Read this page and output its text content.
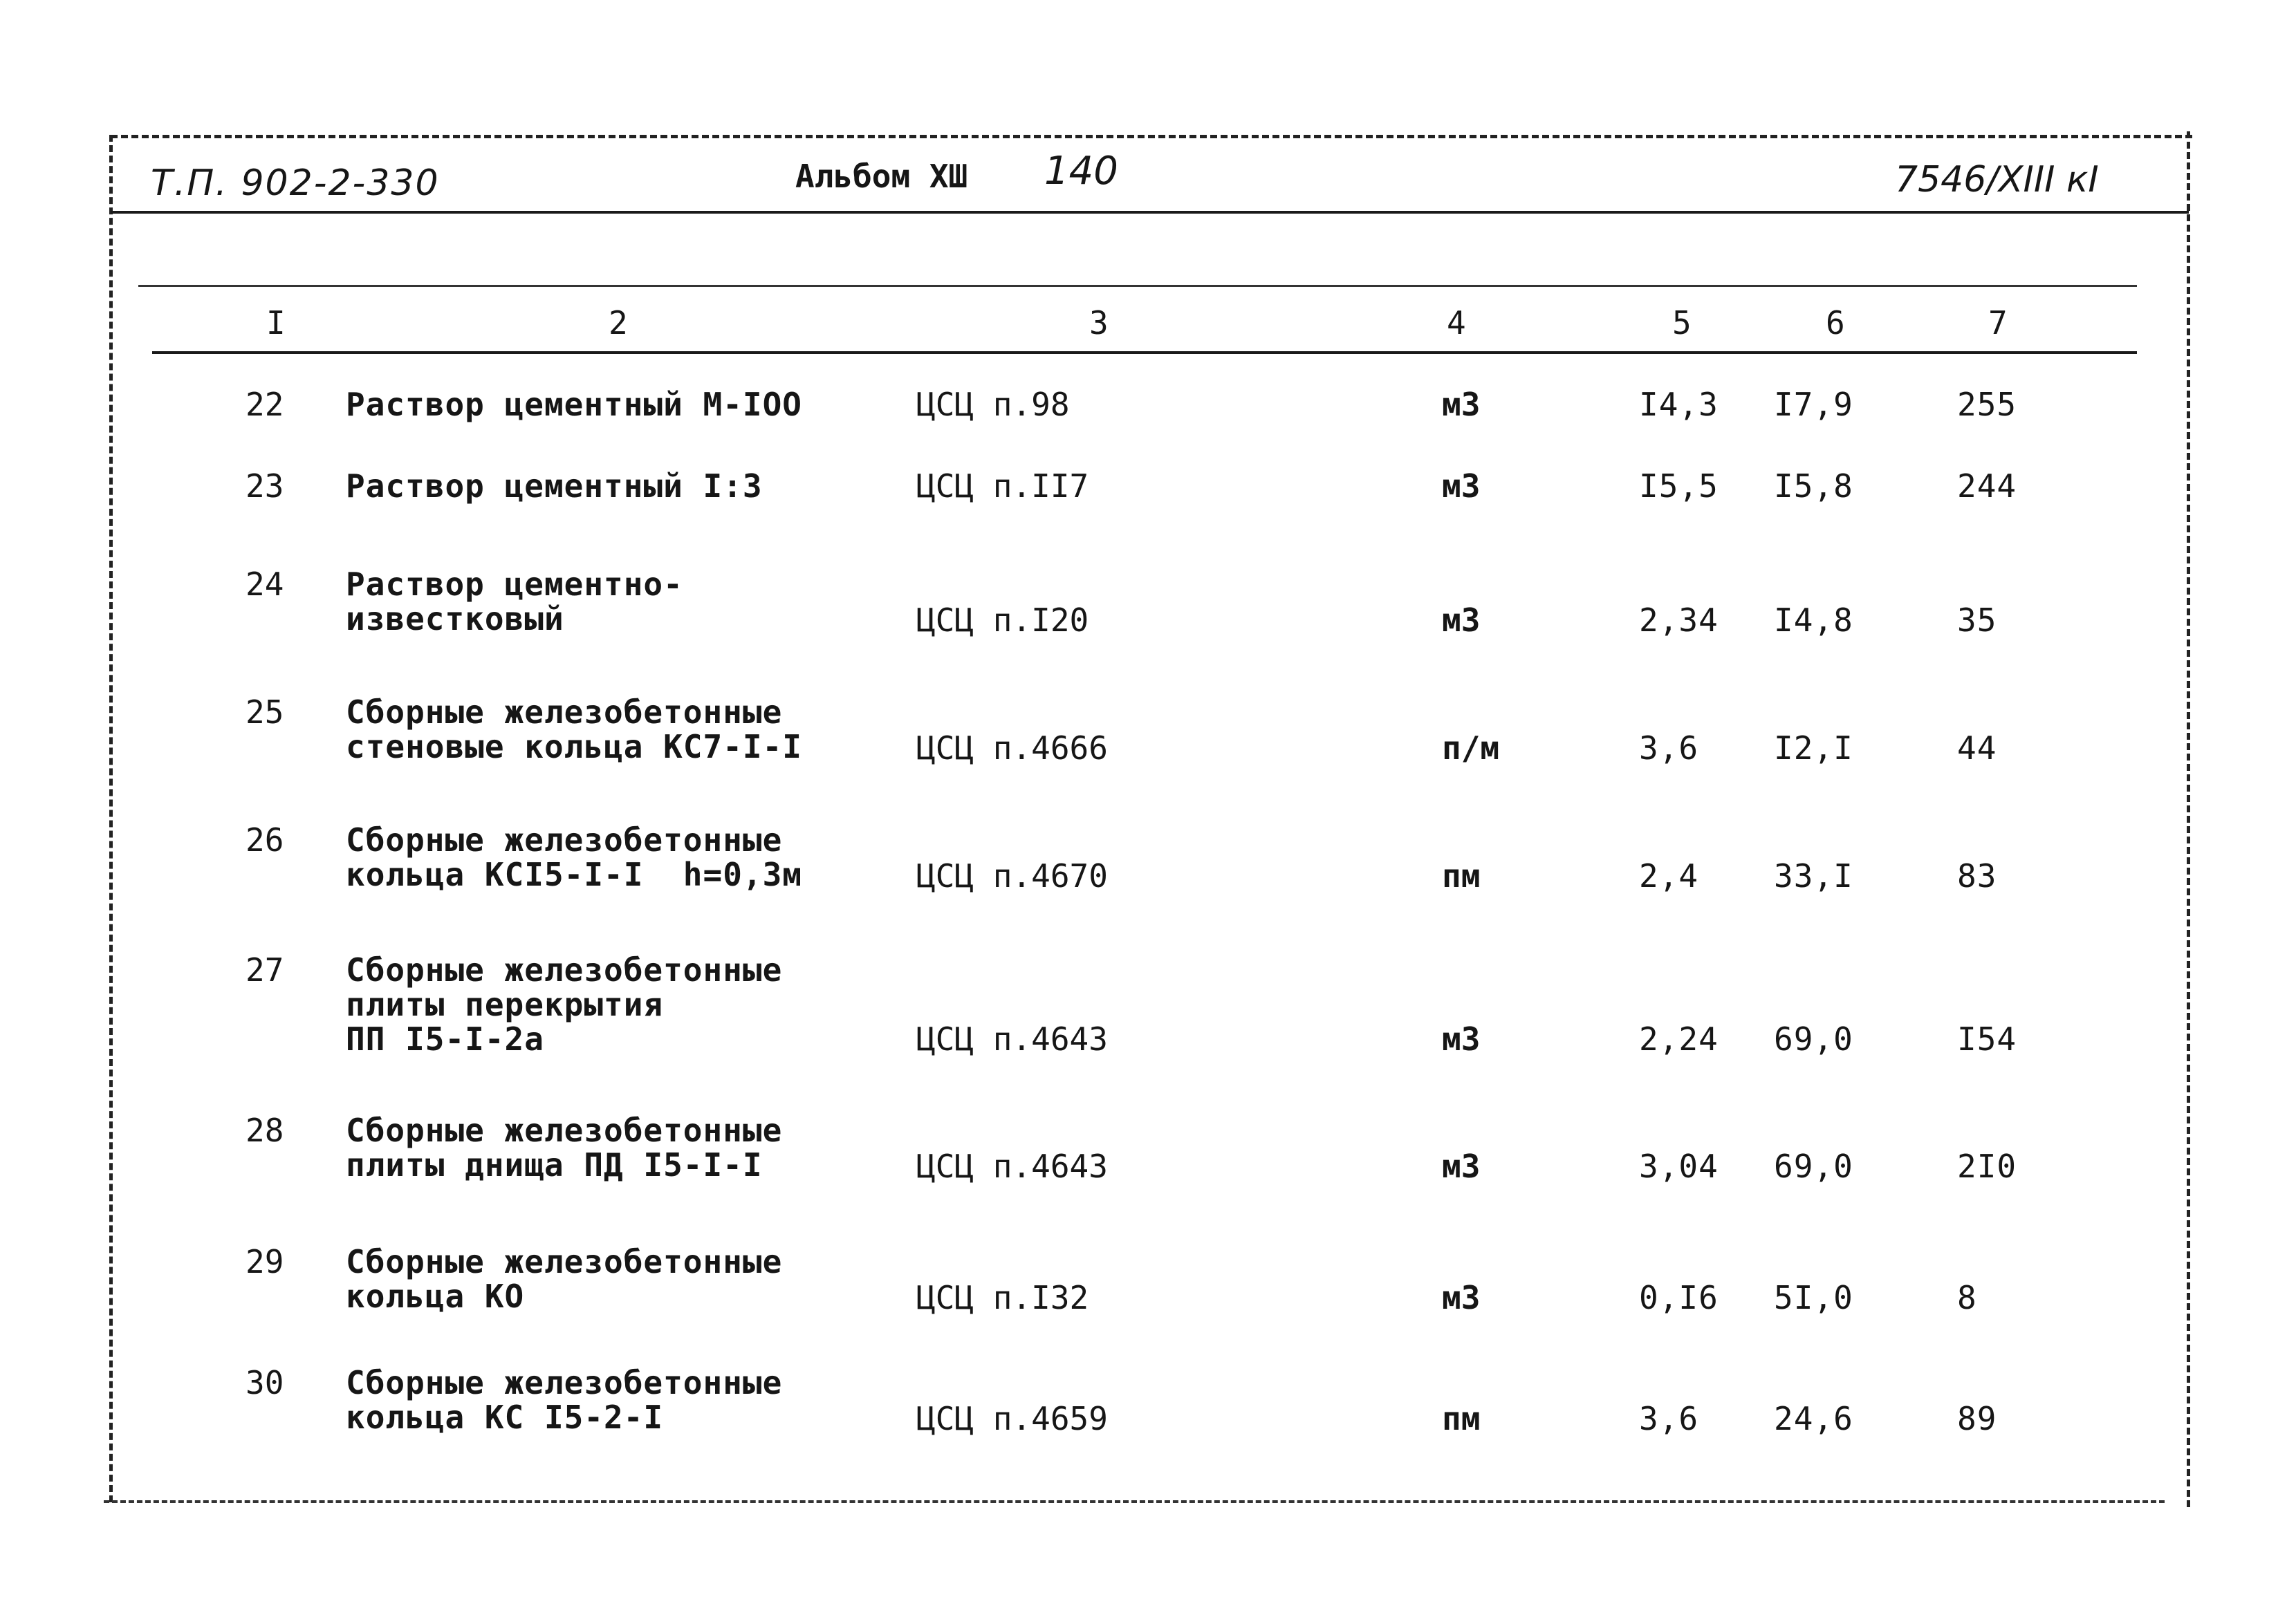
Т.П. 902-2-330	Альбом XШ 140	7546/XIII кI
I	2	3	4	5	6	7
22 Раствор цементный М-IOO	ЦСЦ п.98	м3	I4,3 I7,9	255
23 Раствор цементный I:3	ЦСЦ п.II7	м3	I5,5 I5,8	244
24 Раствор цементно-
известковый	ЦСЦ п.I20	м3	2,34 I4,8	35
25 Сборные железобетонные
стеновые кольца КС7-I-I	ЦСЦ п.4666	п/м	3,6 I2,I	44
26 Сборные железобетонные
кольца КСI5-I-I  h=0,3м	ЦСЦ п.4670	пм	2,4 33,I	83
27 Сборные железобетонные
плиты перекрытия
ПП I5-I-2а	ЦСЦ п.4643	м3	2,24 69,0	I54
28 Сборные железобетонные
плиты днища ПД I5-I-I	ЦСЦ п.4643	м3	3,04 69,0	2I0
29 Сборные железобетонные
кольца КО	ЦСЦ п.I32	м3	0,I6 5I,0	8
30 Сборные железобетонные
кольца КС I5-2-I	ЦСЦ п.4659	пм	3,6 24,6	89
